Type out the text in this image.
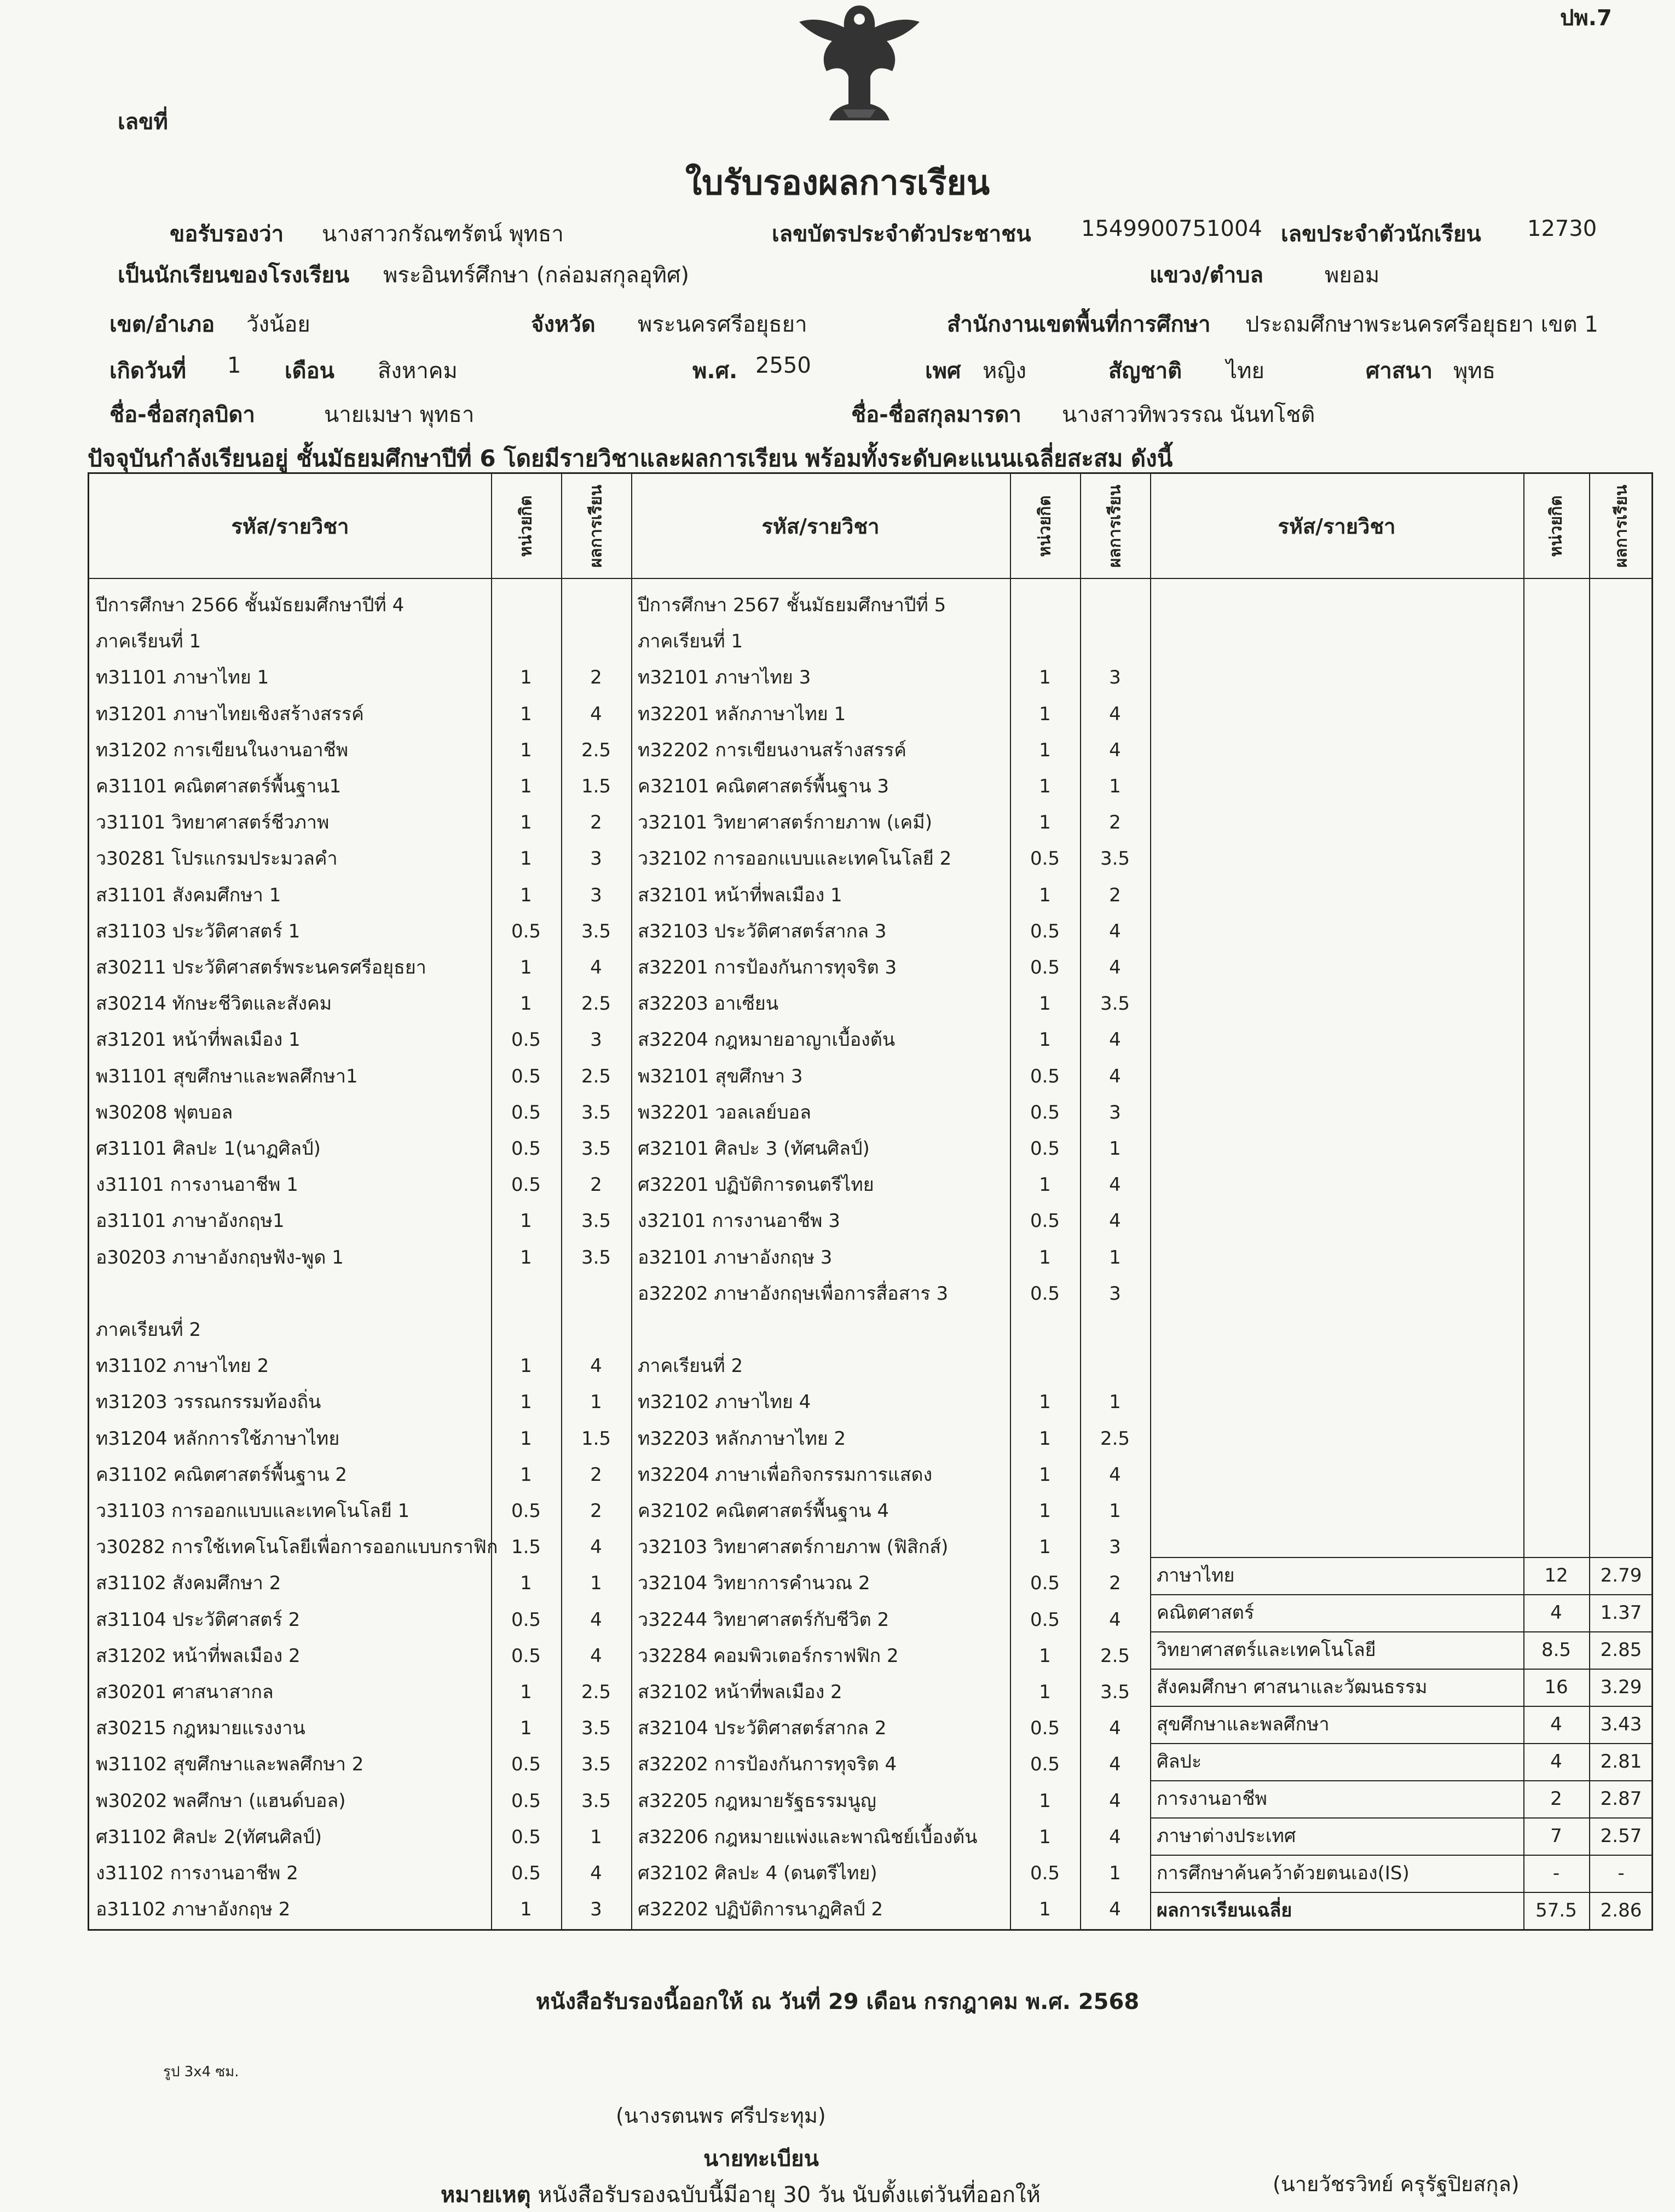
ปพ.7
เลขที่
ใบรับรองผลการเรียน
ขอรับรองว่า นางสาวกรัณฑรัตน์ พุทธา	เลขบัตรประจำตัวประชาชน 1549900751004 เลขประจำตัวนักเรียน 12730
เป็นนักเรียนของโรงเรียน พระอินทร์ศึกษา (กล่อมสกุลอุทิศ)	แขวง/ตำบล	พยอม
เขต/อำเภอ วังน้อย	จังหวัด พระนครศรีอยุธยา	สำนักงานเขตพื้นที่การศึกษา ประถมศึกษาพระนครศรีอยุธยา เขต 1
เกิดวันที่ 1 เดือน สิงหาคม	พ.ศ. 2550	เพศ หญิง	สัญชาติ ไทย	ศาสนา พุทธ
ชื่อ-ชื่อสกุลบิดา	นายเมษา พุทธา	ชื่อ-ชื่อสกุลมารดา นางสาวทิพวรรณ นันทโชติ
ปัจจุบันกำลังเรียนอยู่ ชั้นมัธยมศึกษาปีที่ 6 โดยมีรายวิชาและผลการเรียน พร้อมทั้งระดับคะแนนเฉลี่ยสะสม ดังนี้
รหัส/รายวิชา	หน่วยกิต	ผลการเรียน	รหัส/รายวิชา	หน่วยกิต	ผลการเรียน	รหัส/รายวิชา	หน่วยกิต	ผลการเรียน
ปีการศึกษา 2566 ชั้นมัธยมศึกษาปีที่ 4
ภาคเรียนที่ 1
ท31101 ภาษาไทย 1	1	2
ท31201 ภาษาไทยเชิงสร้างสรรค์	1	4
ท31202 การเขียนในงานอาชีพ	1	2.5
ค31101 คณิตศาสตร์พื้นฐาน1	1	1.5
ว31101 วิทยาศาสตร์ชีวภาพ	1	2
ว30281 โปรแกรมประมวลคำ	1	3
ส31101 สังคมศึกษา 1	1	3
ส31103 ประวัติศาสตร์ 1	0.5	3.5
ส30211 ประวัติศาสตร์พระนครศรีอยุธยา	1	4
ส30214 ทักษะชีวิตและสังคม	1	2.5
ส31201 หน้าที่พลเมือง 1	0.5	3
พ31101 สุขศึกษาและพลศึกษา1	0.5	2.5
พ30208 ฟุตบอล	0.5	3.5
ศ31101 ศิลปะ 1(นาฏศิลป์)	0.5	3.5
ง31101 การงานอาชีพ 1	0.5	2
อ31101 ภาษาอังกฤษ1	1	3.5
อ30203 ภาษาอังกฤษฟัง-พูด 1	1	3.5
ภาคเรียนที่ 2
ท31102 ภาษาไทย 2	1	4
ท31203 วรรณกรรมท้องถิ่น	1	1
ท31204 หลักการใช้ภาษาไทย	1	1.5
ค31102 คณิตศาสตร์พื้นฐาน 2	1	2
ว31103 การออกแบบและเทคโนโลยี 1	0.5	2
ว30282 การใช้เทคโนโลยีเพื่อการออกแบบกราฟิก 1.5	4
ส31102 สังคมศึกษา 2	1	1
ส31104 ประวัติศาสตร์ 2	0.5	4
ส31202 หน้าที่พลเมือง 2	0.5	4
ส30201 ศาสนาสากล	1	2.5
ส30215 กฎหมายแรงงาน	1	3.5
พ31102 สุขศึกษาและพลศึกษา 2	0.5	3.5
พ30202 พลศึกษา (แฮนด์บอล)	0.5	3.5
ศ31102 ศิลปะ 2(ทัศนศิลป์)	0.5	1
ง31102 การงานอาชีพ 2	0.5	4
อ31102 ภาษาอังกฤษ 2	1	3
ปีการศึกษา 2567 ชั้นมัธยมศึกษาปีที่ 5
ภาคเรียนที่ 1
ท32101 ภาษาไทย 3	1	3
ท32201 หลักภาษาไทย 1	1	4
ท32202 การเขียนงานสร้างสรรค์	1	4
ค32101 คณิตศาสตร์พื้นฐาน 3	1	1
ว32101 วิทยาศาสตร์กายภาพ (เคมี)	1	2
ว32102 การออกแบบและเทคโนโลยี 2	0.5	3.5
ส32101 หน้าที่พลเมือง 1	1	2
ส32103 ประวัติศาสตร์สากล 3	0.5	4
ส32201 การป้องกันการทุจริต 3	0.5	4
ส32203 อาเซียน	1	3.5
ส32204 กฎหมายอาญาเบื้องต้น	1	4
พ32101 สุขศึกษา 3	0.5	4
พ32201 วอลเลย์บอล	0.5	3
ศ32101 ศิลปะ 3 (ทัศนศิลป์)	0.5	1
ศ32201 ปฏิบัติการดนตรีไทย	1	4
ง32101 การงานอาชีพ 3	0.5	4
อ32101 ภาษาอังกฤษ 3	1	1
อ32202 ภาษาอังกฤษเพื่อการสื่อสาร 3	0.5	3
ภาคเรียนที่ 2
ท32102 ภาษาไทย 4	1	1
ท32203 หลักภาษาไทย 2	1	2.5
ท32204 ภาษาเพื่อกิจกรรมการแสดง	1	4
ค32102 คณิตศาสตร์พื้นฐาน 4	1	1
ว32103 วิทยาศาสตร์กายภาพ (ฟิสิกส์)	1	3
ว32104 วิทยาการคำนวณ 2	0.5	2
ว32244 วิทยาศาสตร์กับชีวิต 2	0.5	4
ว32284 คอมพิวเตอร์กราฟฟิก 2	1	2.5
ส32102 หน้าที่พลเมือง 2	1	3.5
ส32104 ประวัติศาสตร์สากล 2	0.5	4
ส32202 การป้องกันการทุจริต 4	0.5	4
ส32205 กฎหมายรัฐธรรมนูญ	1	4
ส32206 กฎหมายแพ่งและพาณิชย์เบื้องต้น	1	4
ศ32102 ศิลปะ 4 (ดนตรีไทย)	0.5	1
ศ32202 ปฏิบัติการนาฏศิลป์ 2	1	4
ภาษาไทย	12	2.79
คณิตศาสตร์	4	1.37
วิทยาศาสตร์และเทคโนโลยี	8.5	2.85
สังคมศึกษา ศาสนาและวัฒนธรรม	16	3.29
สุขศึกษาและพลศึกษา	4	3.43
ศิลปะ	4	2.81
การงานอาชีพ	2	2.87
ภาษาต่างประเทศ	7	2.57
การศึกษาค้นคว้าด้วยตนเอง(IS)	-	-
ผลการเรียนเฉลี่ย	57.5	2.86
หนังสือรับรองนี้ออกให้ ณ วันที่ 29 เดือน กรกฎาคม พ.ศ. 2568
รูป 3x4 ซม.
(นางรตนพร ศรีประทุม)
นายทะเบียน
หมายเหตุ หนังสือรับรองฉบับนี้มีอายุ 30 วัน นับตั้งแต่วันที่ออกให้	(นายวัชรวิทย์ ครุรัฐปิยสกุล)
